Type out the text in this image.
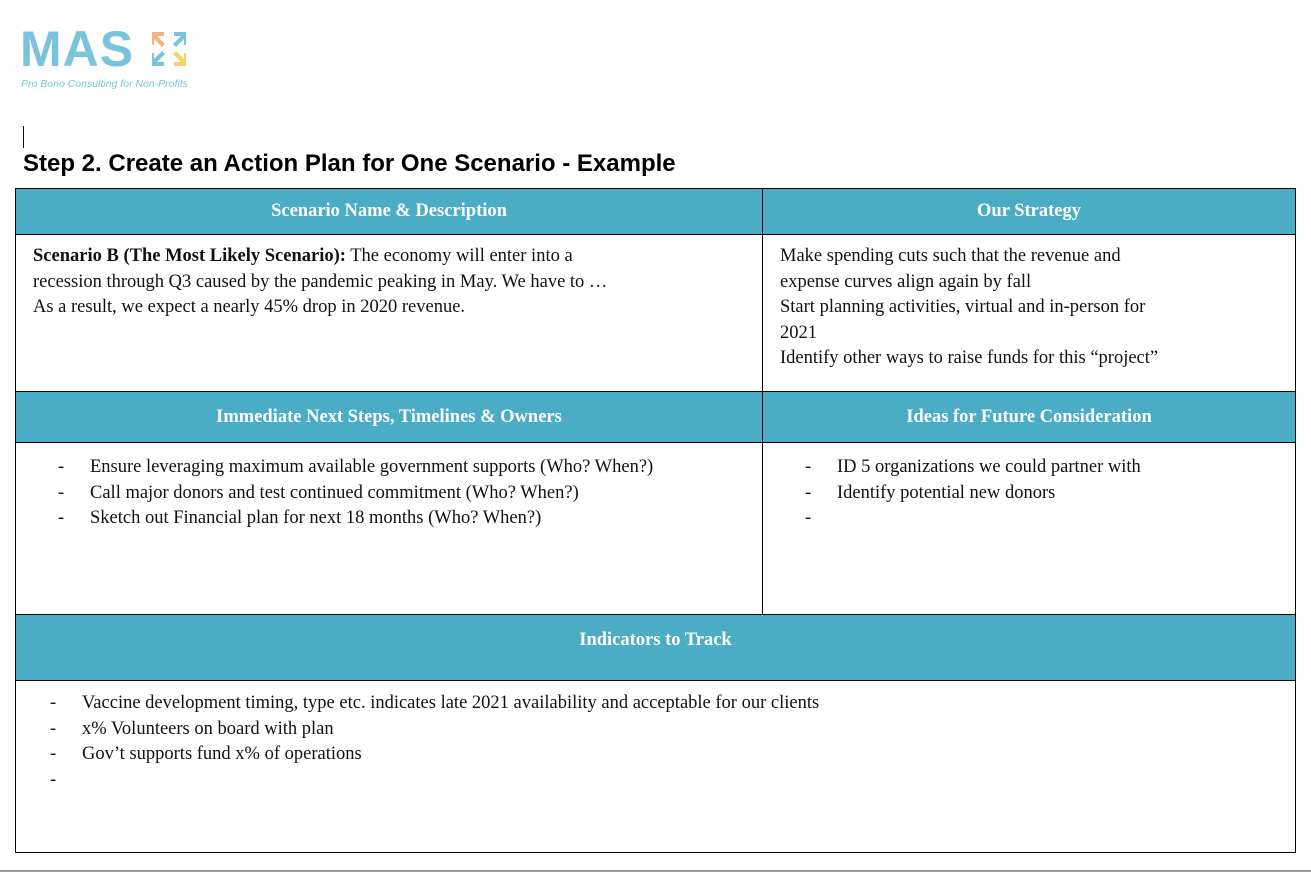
MAS
Pro Bono Consulting for Non-Profits
Step 2. Create an Action Plan for One Scenario - Example
Scenario Name & Description	Our Strategy
Scenario B (The Most Likely Scenario): The economy will enter into a
recession through Q3 caused by the pandemic peaking in May. We have to …
As a result, we expect a nearly 45% drop in 2020 revenue.
Make spending cuts such that the revenue and
expense curves align again by fall
Start planning activities, virtual and in-person for
2021
Identify other ways to raise funds for this “project”
Immediate Next Steps, Timelines & Owners	Ideas for Future Consideration
- Ensure leveraging maximum available government supports (Who? When?)
- Call major donors and test continued commitment (Who? When?)
- Sketch out Financial plan for next 18 months (Who? When?)
- ID 5 organizations we could partner with
- Identify potential new donors
-
Indicators to Track
- Vaccine development timing, type etc. indicates late 2021 availability and acceptable for our clients
- x% Volunteers on board with plan
- Gov’t supports fund x% of operations
-
